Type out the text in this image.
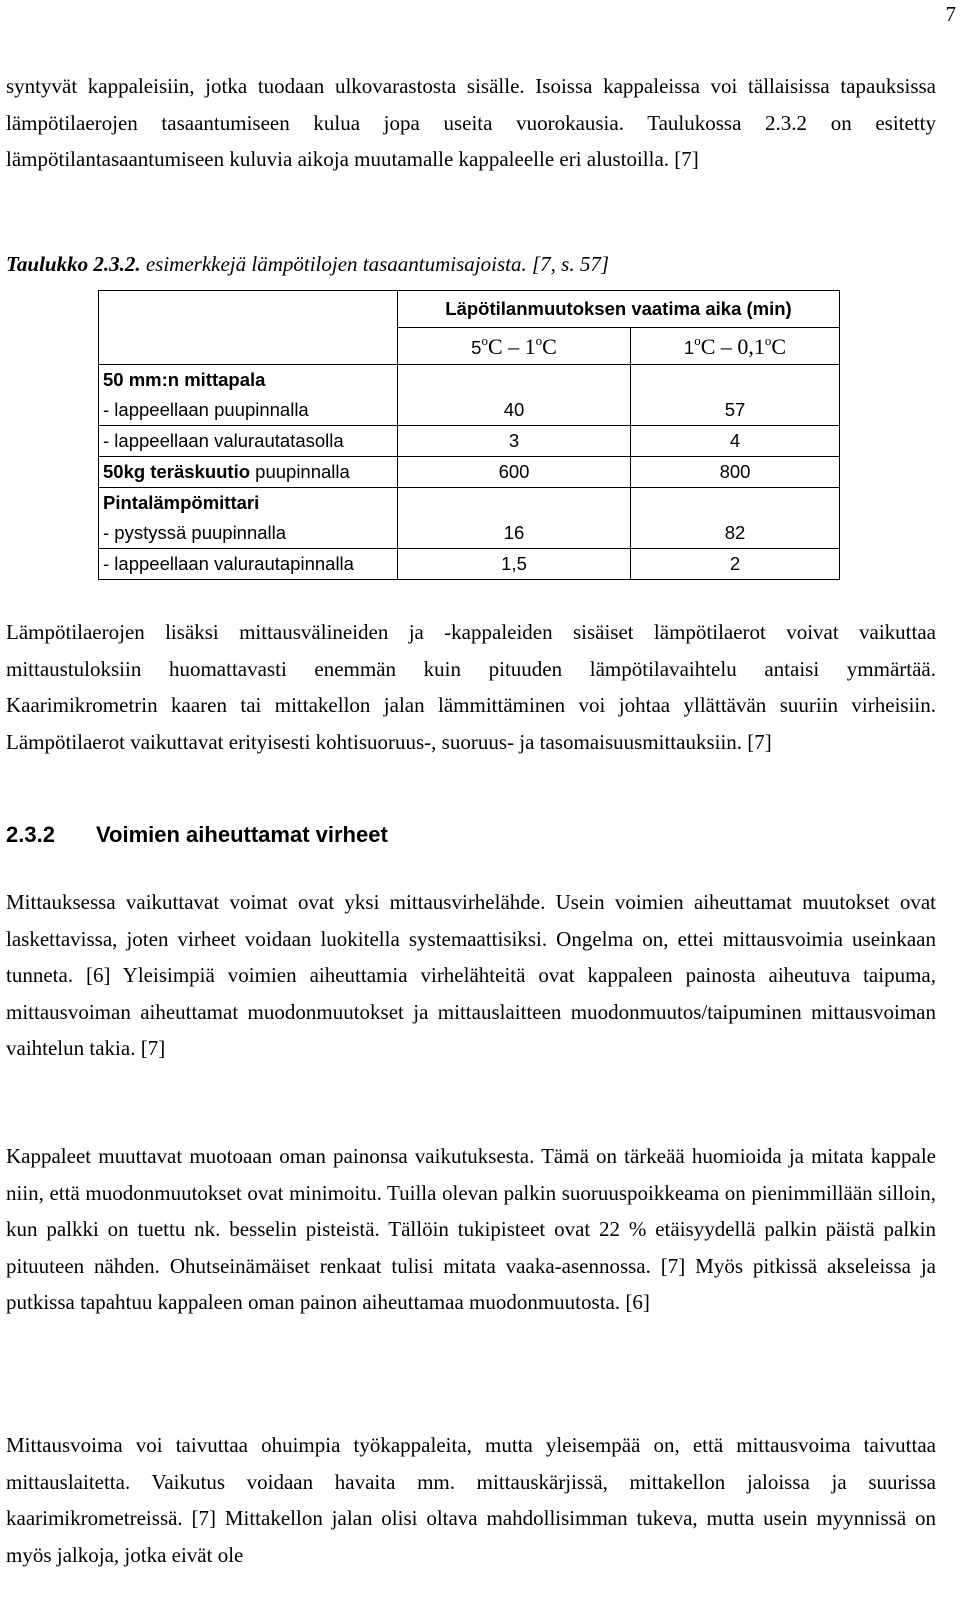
7

syntyvät kappaleisiin, jotka tuodaan ulkovarastosta sisälle. Isoissa kappaleissa voi tällaisissa tapauksissa lämpötilaerojen tasaantumiseen kulua jopa useita vuorokausia. Taulukossa 2.3.2 on esitetty lämpötilantasaantumiseen kuluvia aikoja muutamalle kappaleelle eri alustoilla. [7]

Taulukko 2.3.2. esimerkkejä lämpötilojen tasaantumisajoista. [7, s. 57]
	Läpötilanmuutoksen vaatima aika (min)	
	5$^o$C – 1$^o$C	1$^o$C – 0,1$^o$C
50 mm:n mittapala		
- lappeellaan puupinnalla	40	57
- lappeellaan valurautatasolla	3	4
50kg teräskuutio puupinnalla	600	800
Pintalämpömittari		
- pystyssä puupinnalla	16	82
- lappeellaan valurautapinnalla	1,5	2

Lämpötilaerojen lisäksi mittausvälineiden ja -kappaleiden sisäiset lämpötilaerot voivat vaikuttaa mittaustuloksiin huomattavasti enemmän kuin pituuden lämpötilavaihtelu antaisi ymmärtää. Kaarimikrometrin kaaren tai mittakellon jalan lämmittäminen voi johtaa yllättävän suuriin virheisiin. Lämpötilaerot vaikuttavat erityisesti kohtisuoruus-, suoruus- ja tasomaisuusmittauksiin. [7]

2.3.2 Voimien aiheuttamat virheet

Mittauksessa vaikuttavat voimat ovat yksi mittausvirhelähde. Usein voimien aiheuttamat muutokset ovat laskettavissa, joten virheet voidaan luokitella systemaattisiksi. Ongelma on, ettei mittausvoimia useinkaan tunneta. [6] Yleisimpiä voimien aiheuttamia virhelähteitä ovat kappaleen painosta aiheutuva taipuma, mittausvoiman aiheuttamat muodonmuutokset ja mittauslaitteen muodonmuutos/taipuminen mittausvoiman vaihtelun takia. [7]

Kappaleet muuttavat muotoaan oman painonsa vaikutuksesta. Tämä on tärkeää huomioida ja mitata kappale niin, että muodonmuutokset ovat minimoitu. Tuilla olevan palkin suoruuspoikkeama on pienimmillään silloin, kun palkki on tuettu nk. besselin pisteistä. Tällöin tukipisteet ovat 22 % etäisyydellä palkin päistä palkin pituuteen nähden. Ohutseinämäiset renkaat tulisi mitata vaaka-asennossa. [7] Myös pitkissä akseleissa ja putkissa tapahtuu kappaleen oman painon aiheuttamaa muodonmuutosta. [6]

Mittausvoima voi taivuttaa ohuimpia työkappaleita, mutta yleisempää on, että mittausvoima taivuttaa mittauslaitetta. Vaikutus voidaan havaita mm. mittauskärjissä, mittakellon jaloissa ja suurissa kaarimikrometreissä. [7] Mittakellon jalan olisi oltava mahdollisimman tukeva, mutta usein myynnissä on myös jalkoja, jotka eivät ole
